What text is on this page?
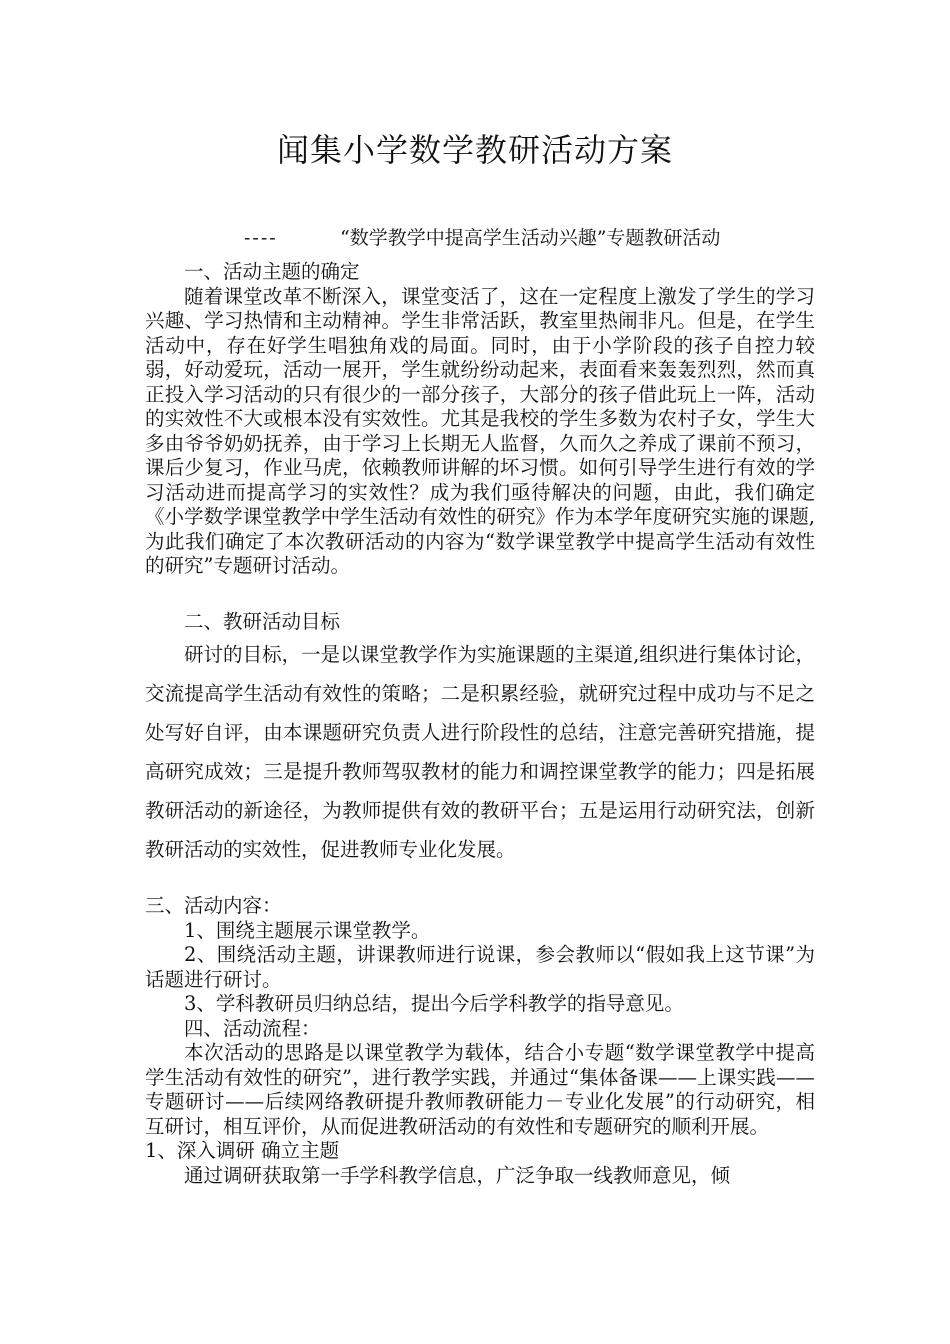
闻集小学数学教研活动方案
----	“数学教学中提高学生活动兴趣”专题教研活动

一、活动主题的确定

随着课堂改革不断深入，课堂变活了，这在一定程度上激发了学生的学习兴趣、学习热情和主动精神。学生非常活跃，教室里热闹非凡。但是，在学生活动中，存在好学生唱独角戏的局面。同时，由于小学阶段的孩子自控力较弱，好动爱玩，活动一展开，学生就纷纷动起来，表面看来轰轰烈烈，然而真正投入学习活动的只有很少的一部分孩子，大部分的孩子借此玩上一阵，活动的实效性不大或根本没有实效性。尤其是我校的学生多数为农村子女，学生大多由爷爷奶奶抚养，由于学习上长期无人监督，久而久之养成了课前不预习，课后少复习，作业马虎，依赖教师讲解的坏习惯。如何引导学生进行有效的学习活动进而提高学习的实效性？成为我们亟待解决的问题，由此，我们确定《小学数学课堂教学中学生活动有效性的研究》作为本学年度研究实施的课题,为此我们确定了本次教研活动的内容为“数学课堂教学中提高学生活动有效性的研究”专题研讨活动。

二、教研活动目标

研讨的目标，一是以课堂教学作为实施课题的主渠道,组织进行集体讨论，交流提高学生活动有效性的策略；二是积累经验，就研究过程中成功与不足之处写好自评，由本课题研究负责人进行阶段性的总结，注意完善研究措施，提高研究成效；三是提升教师驾驭教材的能力和调控课堂教学的能力；四是拓展教研活动的新途径，为教师提供有效的教研平台；五是运用行动研究法，创新教研活动的实效性，促进教师专业化发展。

三、活动内容：

1、围绕主题展示课堂教学。

2、围绕活动主题，讲课教师进行说课，参会教师以“假如我上这节课”为话题进行研讨。

3、学科教研员归纳总结，提出今后学科教学的指导意见。

四、活动流程：

本次活动的思路是以课堂教学为载体，结合小专题“数学课堂教学中提高学生活动有效性的研究”，进行教学实践，并通过“集体备课——上课实践——专题研讨——后续网络教研提升教师教研能力－专业化发展”的行动研究，相互研讨，相互评价，从而促进教研活动的有效性和专题研究的顺利开展。

1、深入调研 确立主题

通过调研获取第一手学科教学信息，广泛争取一线教师意见，倾
